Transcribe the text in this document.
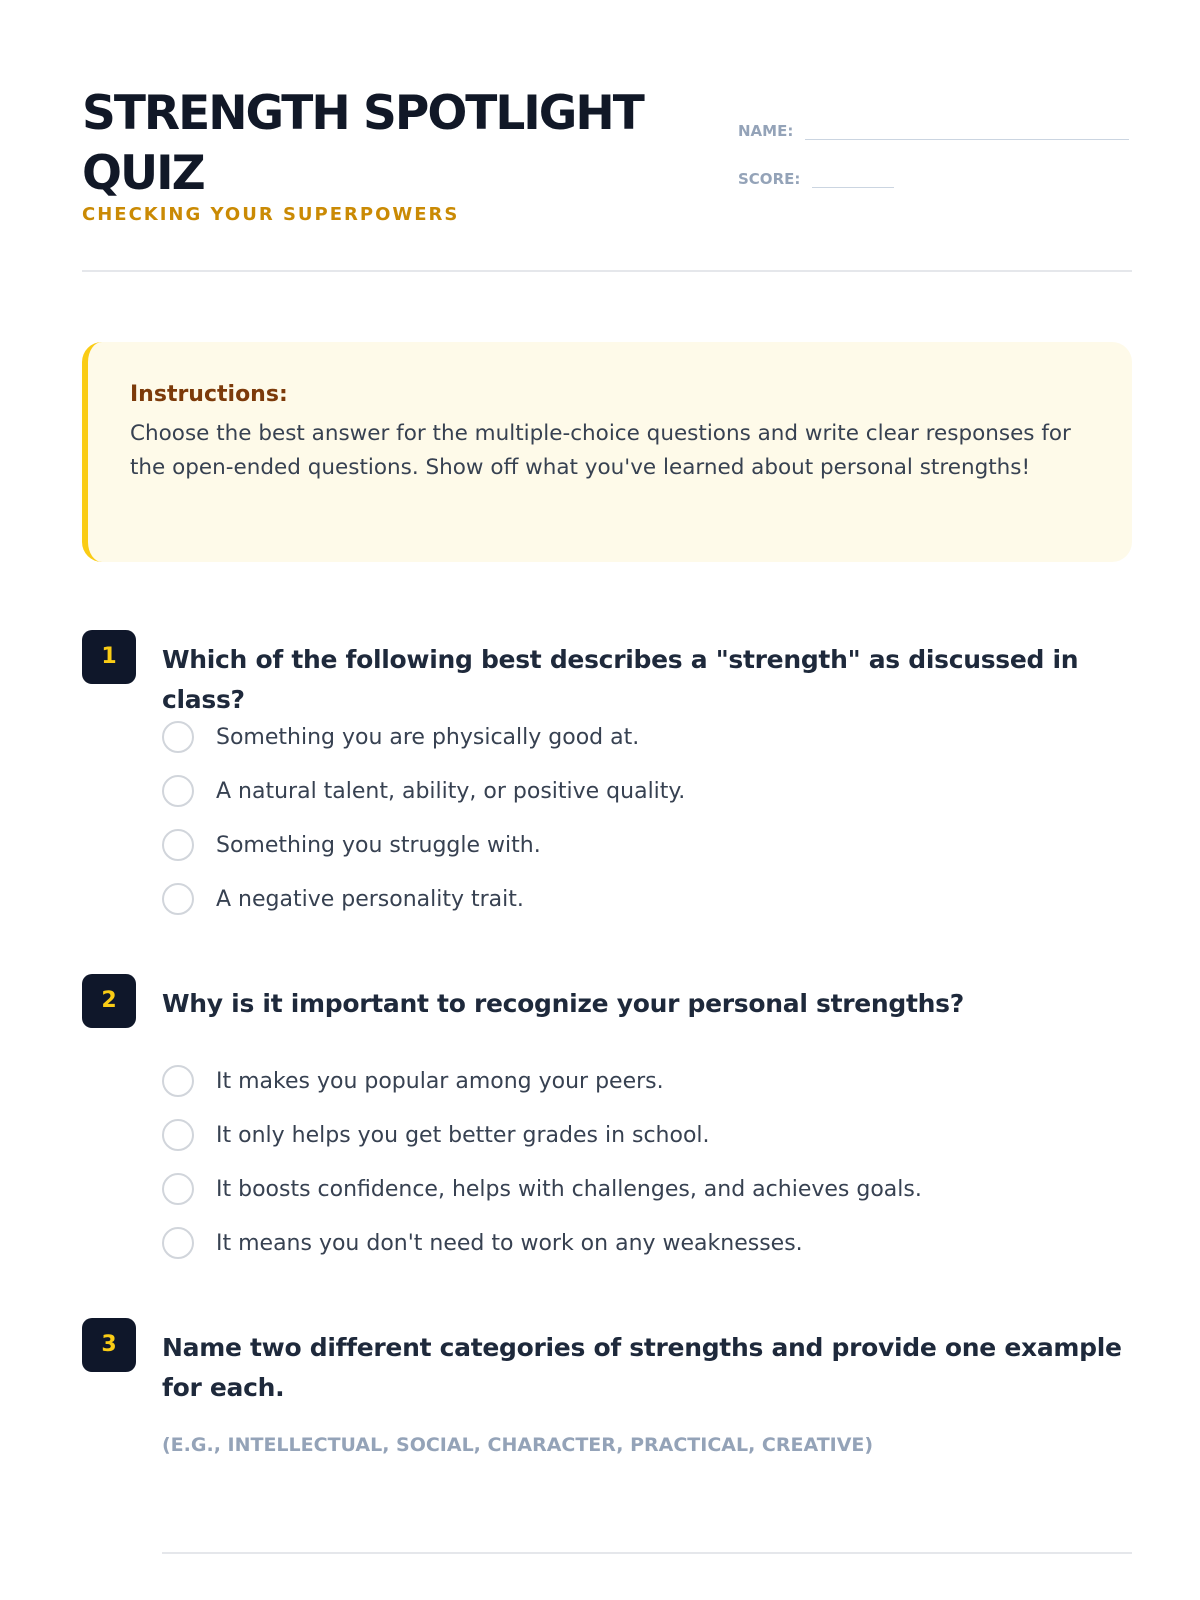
STRENGTH SPOTLIGHT QUIZ
CHECKING YOUR SUPERPOWERS
NAME:
SCORE:
Instructions:

Choose the best answer for the multiple-choice questions and write clear responses for the open-ended questions. Show off what you've learned about personal strengths!

1	Which of the following best describes a "strength" as discussed in class?
Something you are physically good at.
A natural talent, ability, or positive quality.
Something you struggle with.
A negative personality trait.
2	Why is it important to recognize your personal strengths?
It makes you popular among your peers.
It only helps you get better grades in school.
It boosts confidence, helps with challenges, and achieves goals.
It means you don't need to work on any weaknesses.
3	Name two different categories of strengths and provide one example for each.
(E.G., INTELLECTUAL, SOCIAL, CHARACTER, PRACTICAL, CREATIVE)
